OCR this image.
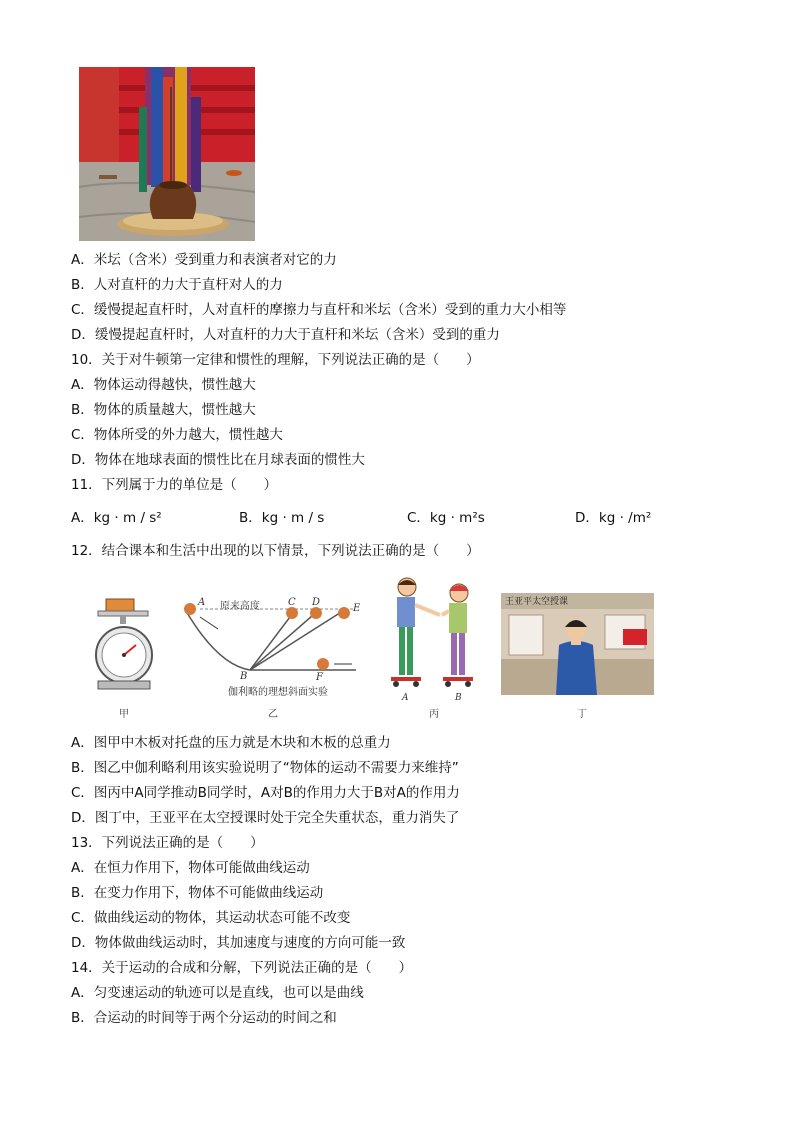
A．米坛（含米）受到重力和表演者对它的力
B．人对直杆的力大于直杆对人的力
C．缓慢提起直杆时，人对直杆的摩擦力与直杆和米坛（含米）受到的重力大小相等
D．缓慢提起直杆时，人对直杆的力大于直杆和米坛（含米）受到的重力
10．关于对牛顿第一定律和惯性的理解，下列说法正确的是（　　）
A．物体运动得越快，惯性越大
B．物体的质量越大，惯性越大
C．物体所受的外力越大，惯性越大
D．物体在地球表面的惯性比在月球表面的惯性大
11．下列属于力的单位是（　　）
A．kg · m / s²	B．kg · m / s	C．kg · m²s	D．kg · /m²
12．结合课本和生活中出现的以下情景，下列说法正确的是（　　）
甲
原来高度
A
B
C D
E
F
伽利略的理想斜面实验
乙
A	B
丙
王亚平太空授课
丁
A．图甲中木板对托盘的压力就是木块和木板的总重力
B．图乙中伽利略利用该实验说明了“物体的运动不需要力来维持”
C．图丙中A同学推动B同学时，A对B的作用力大于B对A的作用力
D．图丁中，王亚平在太空授课时处于完全失重状态，重力消失了
13．下列说法正确的是（　　）
A．在恒力作用下，物体可能做曲线运动
B．在变力作用下，物体不可能做曲线运动
C．做曲线运动的物体，其运动状态可能不改变
D．物体做曲线运动时，其加速度与速度的方向可能一致
14．关于运动的合成和分解，下列说法正确的是（　　）
A．匀变速运动的轨迹可以是直线，也可以是曲线
B．合运动的时间等于两个分运动的时间之和
